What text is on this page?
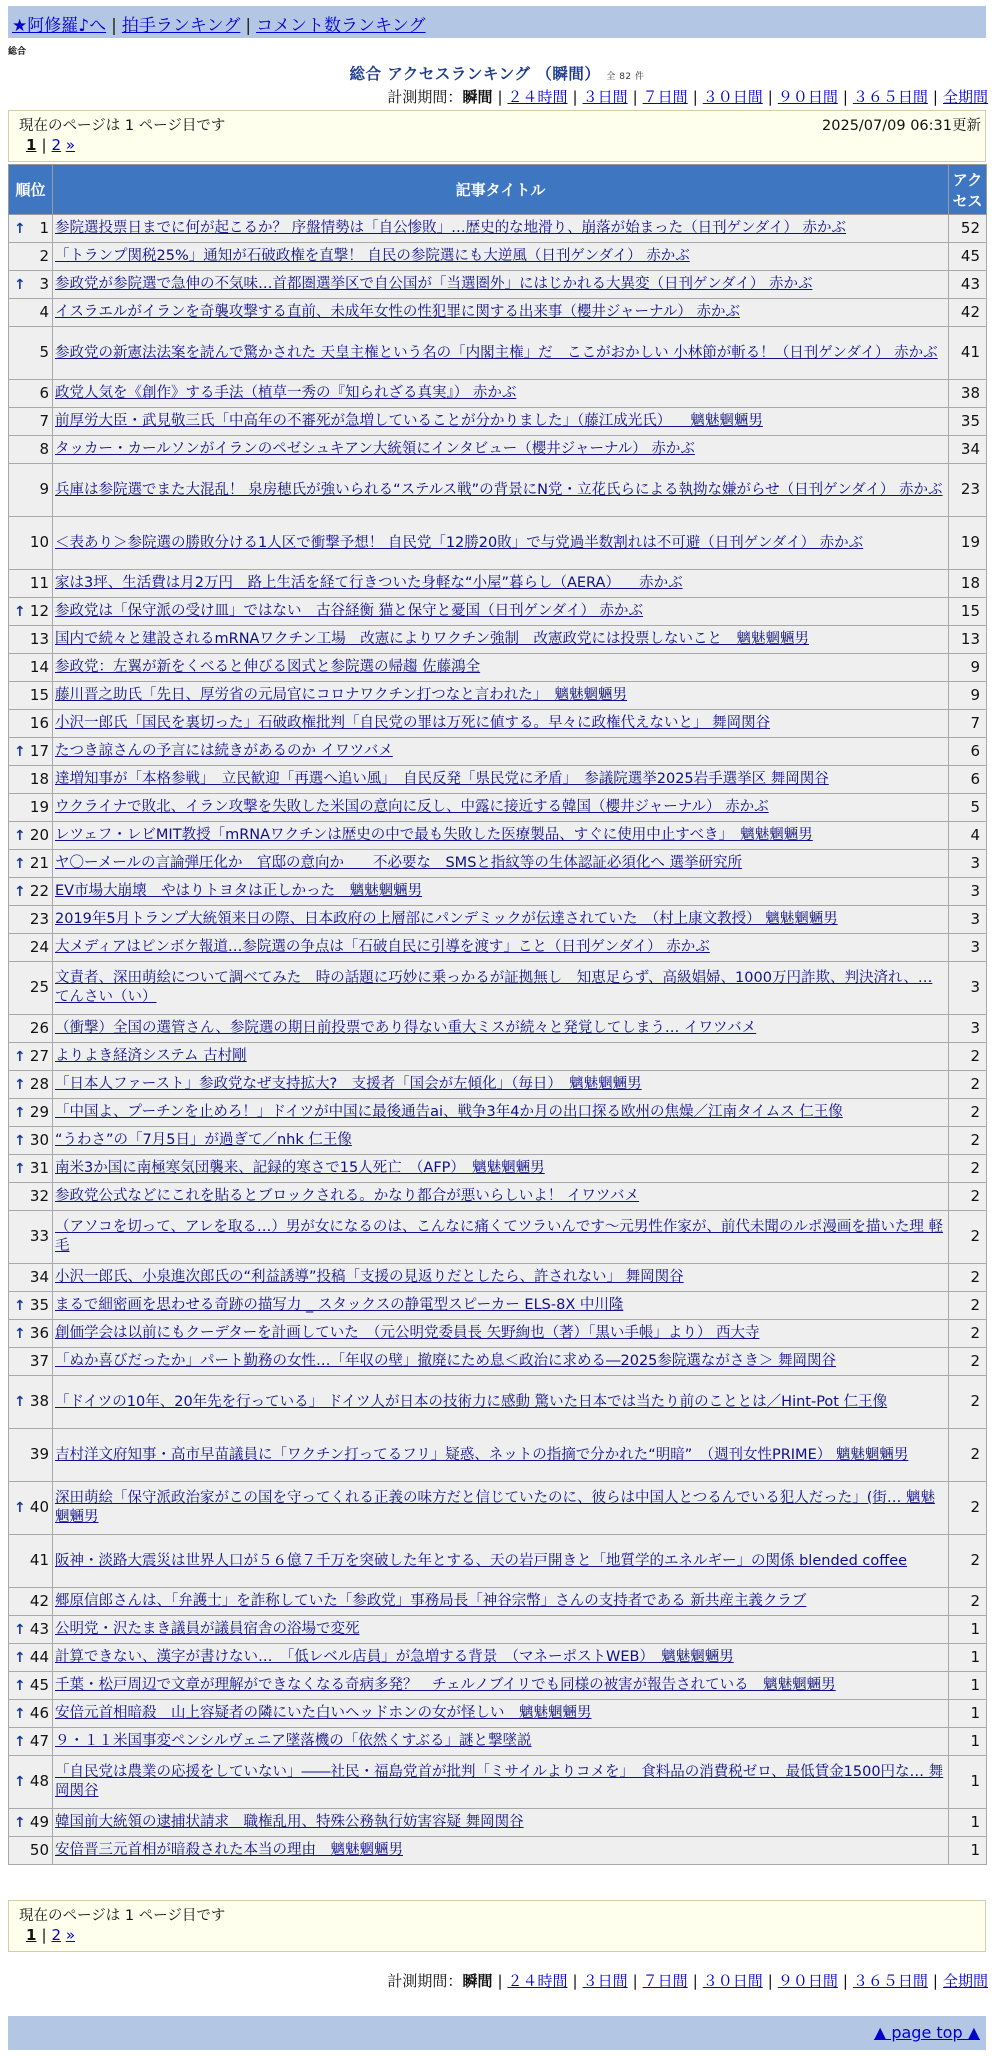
★阿修羅♪へ | 拍手ランキング | コメント数ランキング
総合
総合 アクセスランキング （瞬間） 全 82 件
計測期間：瞬間 | ２４時間 | ３日間 | ７日間 | ３０日間 | ９０日間 | ３６５日間 | 全期間
現在のページは 1 ページ目です	2025/07/09 06:31更新
1 | 2 »
順位	記事タイトル	アクセス

↑ 1	参院選投票日までに何が起こるか？ 序盤情勢は「自公惨敗」…歴史的な地滑り、崩落が始まった（日刊ゲンダイ） 赤かぶ	52
2	「トランプ関税25%」通知が石破政権を直撃！ 自民の参院選にも大逆風（日刊ゲンダイ） 赤かぶ	45

↑ 3	参政党が参院選で急伸の不気味…首都圏選挙区で自公国が「当選圏外」にはじかれる大異変（日刊ゲンダイ） 赤かぶ	43
4	イスラエルがイランを奇襲攻撃する直前、未成年女性の性犯罪に関する出来事（櫻井ジャーナル） 赤かぶ	42
5	参政党の新憲法法案を読んで驚かされた 天皇主権という名の「内閣主権」だ　ここがおかしい 小林節が斬る！（日刊ゲンダイ） 赤かぶ	41
6	政党人気を《創作》する手法（植草一秀の『知られざる真実』） 赤かぶ	38
7	前厚労大臣・武見敬三氏「中高年の不審死が急増していることが分かりました」（藤江成光氏） 　魑魅魍魎男	35
8	タッカー・カールソンがイランのペゼシュキアン大統領にインタビュー（櫻井ジャーナル） 赤かぶ	34
9	兵庫は参院選でまた大混乱！ 泉房穂氏が強いられる“ステルス戦”の背景にN党・立花氏らによる執拗な嫌がらせ（日刊ゲンダイ） 赤かぶ	23
10	＜表あり＞参院選の勝敗分ける1人区で衝撃予想！ 自民党「12勝20敗」で与党過半数割れは不可避（日刊ゲンダイ） 赤かぶ	19
11	家は3坪、生活費は月2万円　路上生活を経て行きついた身軽な“小屋”暮らし（AERA） 　赤かぶ	18

↑ 12	参政党は「保守派の受け皿」ではない　古谷経衡 猫と保守と憂国（日刊ゲンダイ） 赤かぶ	15
13	国内で続々と建設されるmRNAワクチン工場　改憲によりワクチン強制　改憲政党には投票しないこと　魑魅魍魎男	13
14	参政党：左翼が新をくべると伸びる図式と参院選の帰趨 佐藤鴻全	9
15	藤川晋之助氏「先日、厚労省の元局官にコロナワクチン打つなと言われた」　魑魅魍魎男	9
16	小沢一郎氏「国民を裏切った」石破政権批判「自民党の罪は万死に値する。早々に政権代えないと」 舞岡関谷	7

↑ 17	たつき諒さんの予言には続きがあるのか イワツバメ	6
18	達増知事が「本格参戦」　立民歓迎「再選へ追い風」　自民反発「県民党に矛盾」　参議院選挙2025岩手選挙区 舞岡関谷	6
19	ウクライナで敗北、イラン攻撃を失敗した米国の意向に反し、中露に接近する韓国（櫻井ジャーナル） 赤かぶ	5

↑ 20	レツェフ・レビMIT教授「mRNAワクチンは歴史の中で最も失敗した医療製品、すぐに使用中止すべき」　魑魅魍魎男	4

↑ 21	ヤ〇ーメールの言論弾圧化か　官邸の意向か　　不必要な　SMSと指紋等の生体認証必須化へ 選挙研究所	3

↑ 22	EV市場大崩壊　やはりトヨタは正しかった　魑魅魍魎男	3
23	2019年5月トランプ大統領来日の際、日本政府の上層部にパンデミックが伝達されていた　（村上康文教授） 魑魅魍魎男	3
24	大メディアはピンボケ報道…参院選の争点は「石破自民に引導を渡す」こと（日刊ゲンダイ） 赤かぶ	3
25	文責者、深田萌絵について調べてみた　時の話題に巧妙に乗っかるが証拠無し　知恵足らず、高級娼婦、1000万円詐欺、判決済れ、… てんさい（い）	3
26	（衝撃）全国の選管さん、参院選の期日前投票であり得ない重大ミスが続々と発覚してしまう… イワツバメ	3

↑ 27	よりよき経済システム 古村剛	2

↑ 28	「日本人ファースト」参政党なぜ支持拡大?　支援者「国会が左傾化」（毎日）　魑魅魍魎男	2

↑ 29	「中国よ、プーチンを止めろ！」ドイツが中国に最後通告ai、戦争3年4か月の出口探る欧州の焦燥／江南タイムス 仁王像	2

↑ 30	“うわさ”の「7月5日」が過ぎて／nhk 仁王像	2

↑ 31	南米3か国に南極寒気団襲来、記録的寒さで15人死亡　（AFP）　魑魅魍魎男	2
32	参政党公式などにこれを貼るとブロックされる。かなり都合が悪いらしいよ！ イワツバメ	2
33	（アソコを切って、アレを取る…）男が女になるのは、こんなに痛くてツラいんです〜元男性作家が、前代未聞のルポ漫画を描いた理 軽毛	2
34	小沢一郎氏、小泉進次郎氏の“利益誘導”投稿「支援の見返りだとしたら、許されない」 舞岡関谷	2

↑ 35	まるで細密画を思わせる奇跡の描写力 _ スタックスの静電型スピーカー ELS-8X 中川隆	2

↑ 36	創価学会は以前にもクーデターを計画していた　（元公明党委員長 矢野絢也（著）「黒い手帳」より） 西大寺	2
37	「ぬか喜びだったか」パート勤務の女性…「年収の壁」撤廃にため息＜政治に求める―2025参院選ながさき＞ 舞岡関谷	2

↑ 38	「ドイツの10年、20年先を行っている」 ドイツ人が日本の技術力に感動 驚いた日本では当たり前のこととは／Hint-Pot 仁王像	2
39	吉村洋文府知事・高市早苗議員に「ワクチン打ってるフリ」疑惑、ネットの指摘で分かれた“明暗”　（週刊女性PRIME） 魑魅魍魎男	2

↑ 40	深田萌絵「保守派政治家がこの国を守ってくれる正義の味方だと信じていたのに、彼らは中国人とつるんでいる犯人だった」(街… 魑魅魍魎男	2
41	阪神・淡路大震災は世界人口が５６億７千万を突破した年とする、天の岩戸開きと「地質学的エネルギー」の関係 blended coffee	2
42	郷原信郎さんは、「弁護士」を詐称していた「参政党」事務局長「神谷宗幣」さんの支持者である 新共産主義クラブ	2

↑ 43	公明党・沢たまき議員が議員宿舎の浴場で変死	1

↑ 44	計算できない、漢字が書けない…　「低レベル店員」が急増する背景　（マネーポストWEB）　魑魅魍魎男	1

↑ 45	千葉・松戸周辺で文章が理解ができなくなる奇病多発？　チェルノブイリでも同様の被害が報告されている　魑魅魍魎男	1

↑ 46	安倍元首相暗殺　山上容疑者の隣にいた白いヘッドホンの女が怪しい　魑魅魍魎男	1

↑ 47	９・１１米国事変ペンシルヴェニア墜落機の「依然くすぶる」謎と撃墜説	1

↑ 48	「自民党は農業の応援をしていない」――社民・福島党首が批判「ミサイルよりコメを」　食料品の消費税ゼロ、最低賃金1500円な… 舞岡関谷	1

↑ 49	韓国前大統領の逮捕状請求　職権乱用、特殊公務執行妨害容疑 舞岡関谷	1
50	安倍晋三元首相が暗殺された本当の理由　魑魅魍魎男	1
現在のページは 1 ページ目です
1 | 2 »
計測期間：瞬間 | ２４時間 | ３日間 | ７日間 | ３０日間 | ９０日間 | ３６５日間 | 全期間
▲ page top ▲
